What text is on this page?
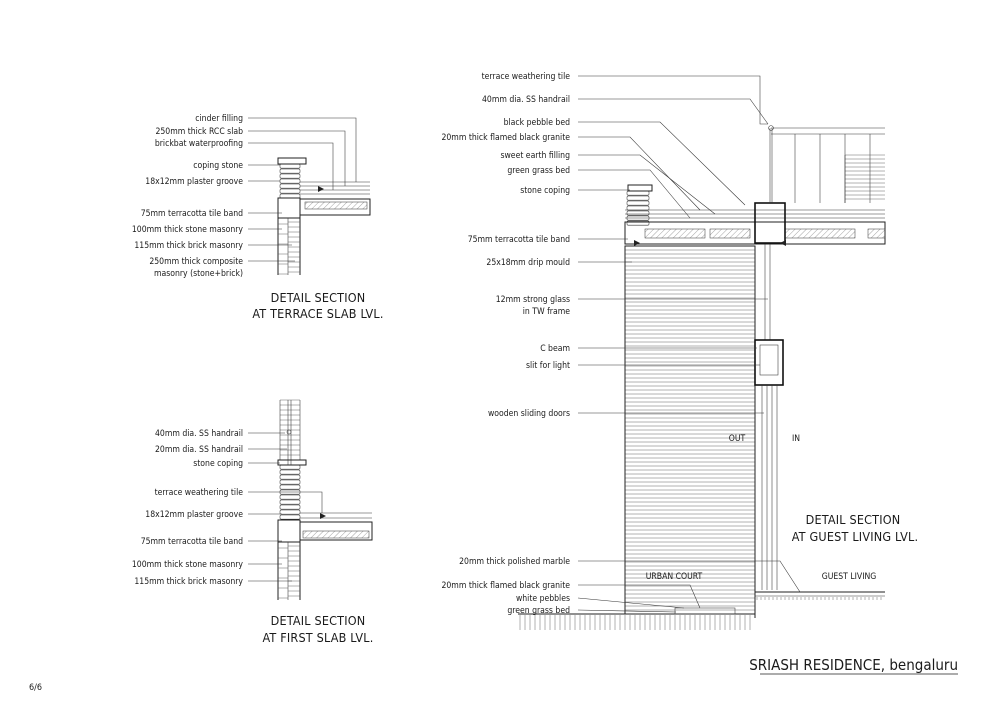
cinder filling
250mm thick RCC slab
brickbat waterproofing
coping stone
18x12mm plaster groove
75mm terracotta tile band
100mm thick stone masonry
115mm thick brick masonry
250mm thick composite
masonry (stone+brick)
DETAIL SECTION
AT TERRACE SLAB LVL.
40mm dia. SS handrail
20mm dia. SS handrail
stone coping
terrace weathering tile
18x12mm plaster groove
75mm terracotta tile band
100mm thick stone masonry
115mm thick brick masonry
DETAIL SECTION
AT FIRST SLAB LVL.
terrace weathering tile
40mm dia. SS handrail
black pebble bed
20mm thick flamed black granite
sweet earth filling
green grass bed
stone coping
75mm terracotta tile band
25x18mm drip mould
12mm strong glass
in TW frame
C beam
slit for light
wooden sliding doors
20mm thick polished marble
20mm thick flamed black granite
white pebbles
green grass bed
OUT	IN
URBAN COURT	GUEST LIVING
DETAIL SECTION
AT GUEST LIVING LVL.
SRIASH RESIDENCE, bengaluru
6/6
